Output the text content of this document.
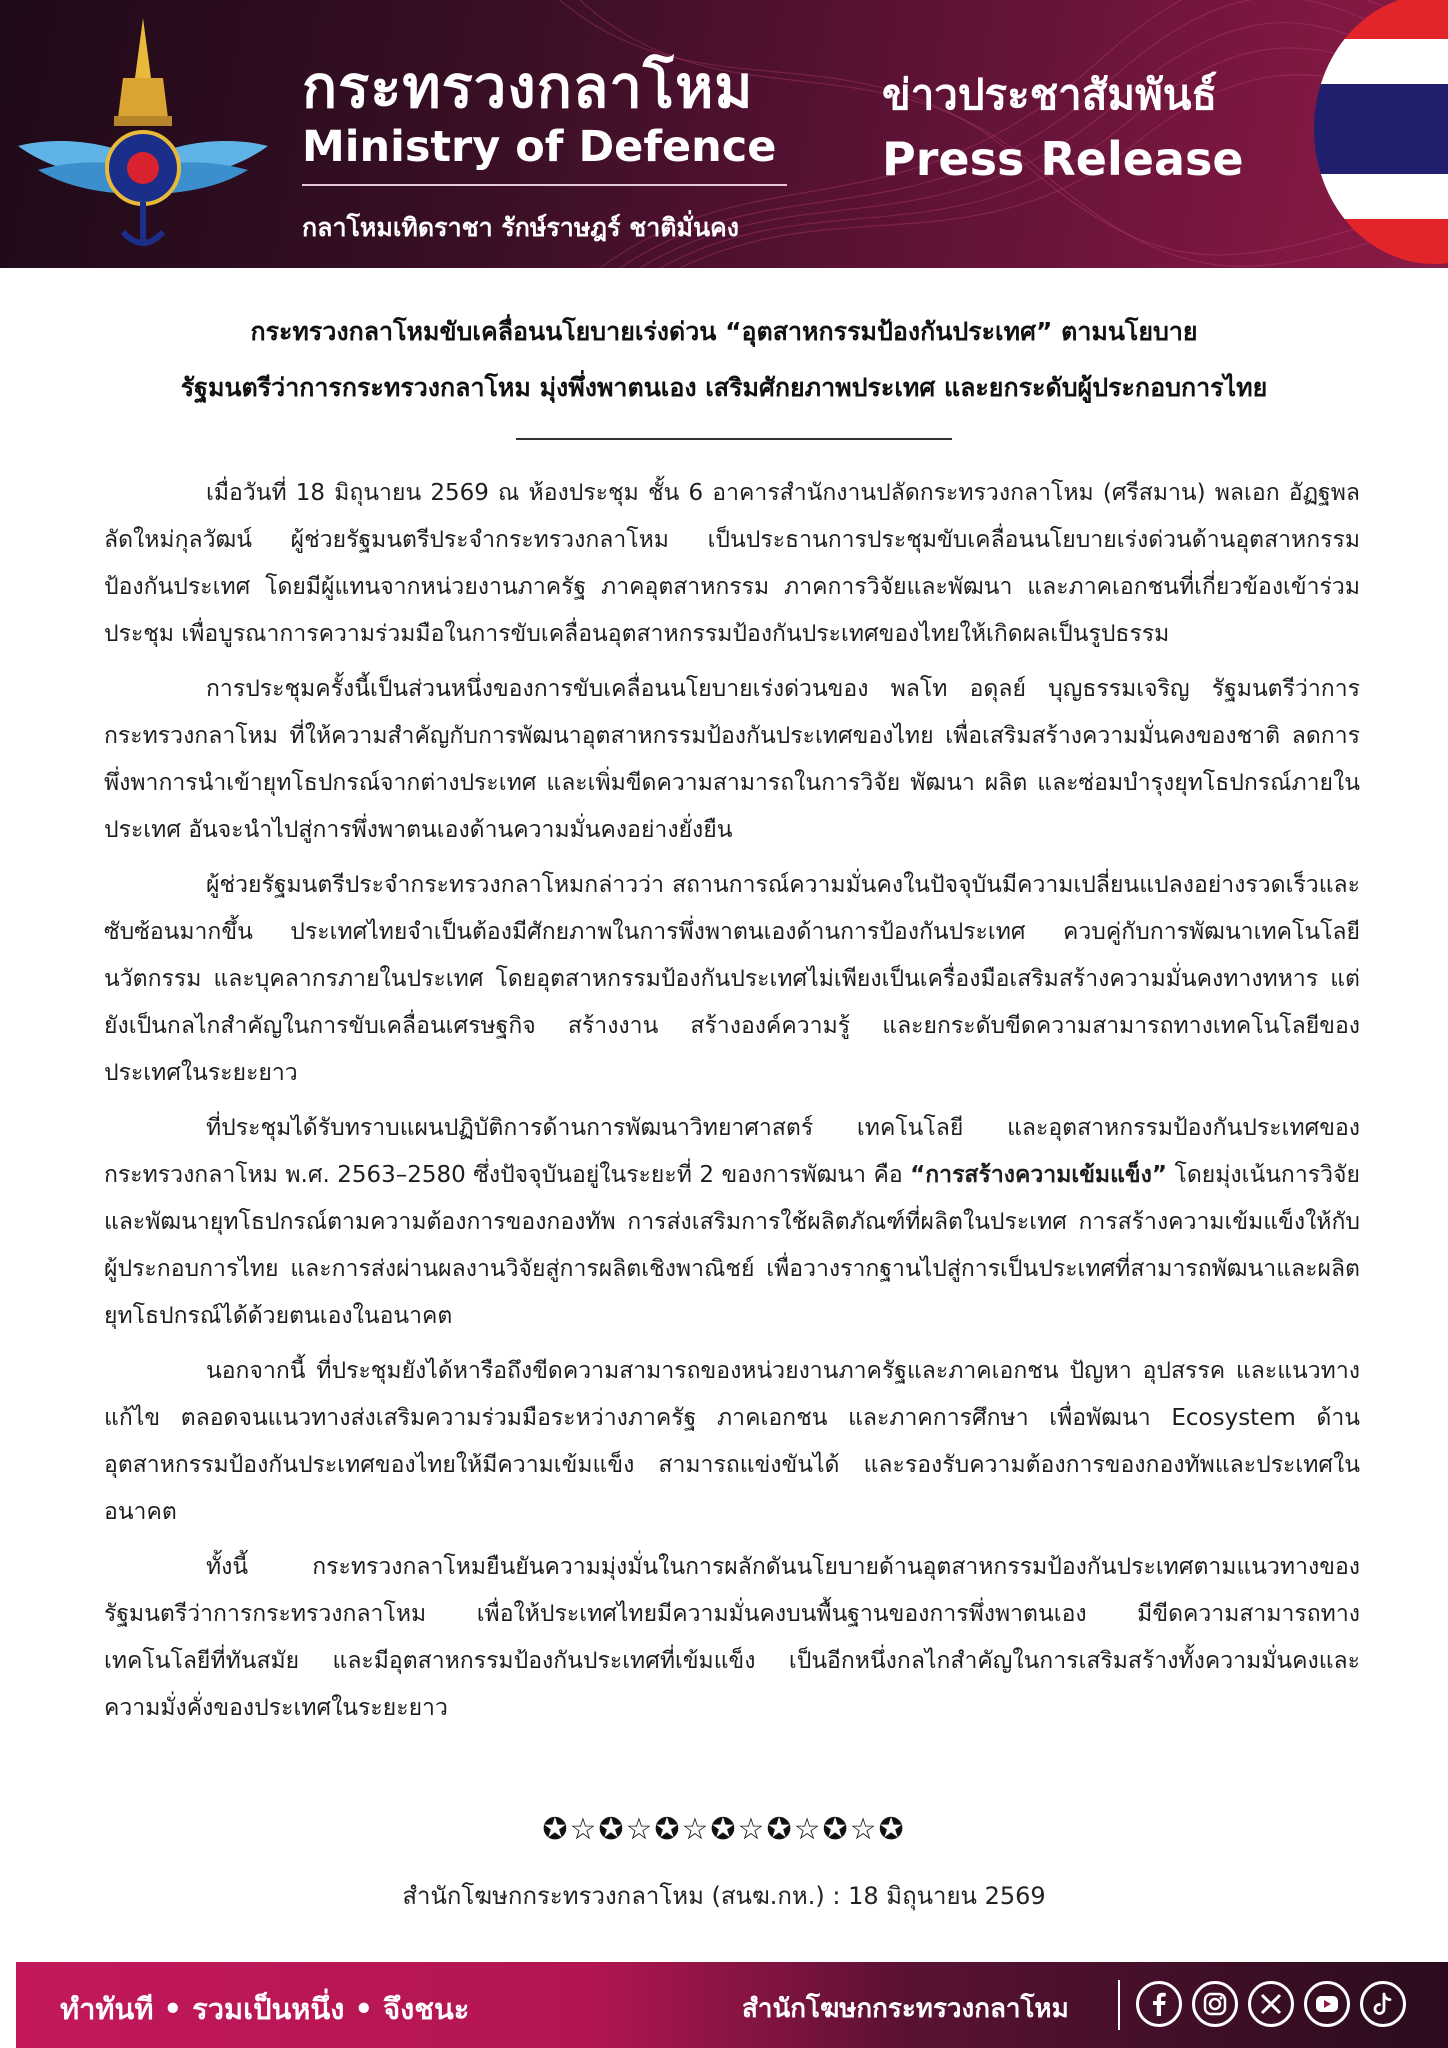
กระทรวงกลาโหม
Ministry of Defence
กลาโหมเทิดราชา รักษ์ราษฎร์ ชาติมั่นคง
ข่าวประชาสัมพันธ์
Press Release
กระทรวงกลาโหมขับเคลื่อนนโยบายเร่งด่วน “อุตสาหกรรมป้องกันประเทศ” ตามนโยบาย
รัฐมนตรีว่าการกระทรวงกลาโหม มุ่งพึ่งพาตนเอง เสริมศักยภาพประเทศ และยกระดับผู้ประกอบการไทย

เมื่อวันที่ 18 มิถุนายน 2569 ณ ห้องประชุม ชั้น 6 อาคารสำนักงานปลัดกระทรวงกลาโหม (ศรีสมาน) พลเอก อัฏฐพล ลัดใหม่กุลวัฒน์ ผู้ช่วยรัฐมนตรีประจำกระทรวงกลาโหม เป็นประธานการประชุมขับเคลื่อนนโยบายเร่งด่วนด้านอุตสาหกรรมป้องกันประเทศ โดยมีผู้แทนจากหน่วยงานภาครัฐ ภาคอุตสาหกรรม ภาคการวิจัยและพัฒนา และภาคเอกชนที่เกี่ยวข้องเข้าร่วมประชุม เพื่อบูรณาการความร่วมมือในการขับเคลื่อนอุตสาหกรรมป้องกันประเทศของไทยให้เกิดผลเป็นรูปธรรม

การประชุมครั้งนี้เป็นส่วนหนึ่งของการขับเคลื่อนนโยบายเร่งด่วนของ พลโท อดุลย์ บุญธรรมเจริญ รัฐมนตรีว่าการกระทรวงกลาโหม ที่ให้ความสำคัญกับการพัฒนาอุตสาหกรรมป้องกันประเทศของไทย เพื่อเสริมสร้างความมั่นคงของชาติ ลดการพึ่งพาการนำเข้ายุทโธปกรณ์จากต่างประเทศ และเพิ่มขีดความสามารถในการวิจัย พัฒนา ผลิต และซ่อมบำรุงยุทโธปกรณ์ภายในประเทศ อันจะนำไปสู่การพึ่งพาตนเองด้านความมั่นคงอย่างยั่งยืน

ผู้ช่วยรัฐมนตรีประจำกระทรวงกลาโหมกล่าวว่า สถานการณ์ความมั่นคงในปัจจุบันมีความเปลี่ยนแปลงอย่างรวดเร็วและซับซ้อนมากขึ้น ประเทศไทยจำเป็นต้องมีศักยภาพในการพึ่งพาตนเองด้านการป้องกันประเทศ ควบคู่กับการพัฒนาเทคโนโลยี นวัตกรรม และบุคลากรภายในประเทศ โดยอุตสาหกรรมป้องกันประเทศไม่เพียงเป็นเครื่องมือเสริมสร้างความมั่นคงทางทหาร แต่ยังเป็นกลไกสำคัญในการขับเคลื่อนเศรษฐกิจ สร้างงาน สร้างองค์ความรู้ และยกระดับขีดความสามารถทางเทคโนโลยีของประเทศในระยะยาว

ที่ประชุมได้รับทราบแผนปฏิบัติการด้านการพัฒนาวิทยาศาสตร์ เทคโนโลยี และอุตสาหกรรมป้องกันประเทศของกระทรวงกลาโหม พ.ศ. 2563–2580 ซึ่งปัจจุบันอยู่ในระยะที่ 2 ของการพัฒนา คือ “การสร้างความเข้มแข็ง” โดยมุ่งเน้นการวิจัยและพัฒนายุทโธปกรณ์ตามความต้องการของกองทัพ การส่งเสริมการใช้ผลิตภัณฑ์ที่ผลิตในประเทศ การสร้างความเข้มแข็งให้กับผู้ประกอบการไทย และการส่งผ่านผลงานวิจัยสู่การผลิตเชิงพาณิชย์ เพื่อวางรากฐานไปสู่การเป็นประเทศที่สามารถพัฒนาและผลิตยุทโธปกรณ์ได้ด้วยตนเองในอนาคต

นอกจากนี้ ที่ประชุมยังได้หารือถึงขีดความสามารถของหน่วยงานภาครัฐและภาคเอกชน ปัญหา อุปสรรค และแนวทางแก้ไข ตลอดจนแนวทางส่งเสริมความร่วมมือระหว่างภาครัฐ ภาคเอกชน และภาคการศึกษา เพื่อพัฒนา Ecosystem ด้านอุตสาหกรรมป้องกันประเทศของไทยให้มีความเข้มแข็ง สามารถแข่งขันได้ และรองรับความต้องการของกองทัพและประเทศในอนาคต

ทั้งนี้ กระทรวงกลาโหมยืนยันความมุ่งมั่นในการผลักดันนโยบายด้านอุตสาหกรรมป้องกันประเทศตามแนวทางของรัฐมนตรีว่าการกระทรวงกลาโหม เพื่อให้ประเทศไทยมีความมั่นคงบนพื้นฐานของการพึ่งพาตนเอง มีขีดความสามารถทางเทคโนโลยีที่ทันสมัย และมีอุตสาหกรรมป้องกันประเทศที่เข้มแข็ง เป็นอีกหนึ่งกลไกสำคัญในการเสริมสร้างทั้งความมั่นคงและความมั่งคั่งของประเทศในระยะยาว

✪☆✪☆✪☆✪☆✪☆✪☆✪
สำนักโฆษกกระทรวงกลาโหม (สนฆ.กห.) : 18 มิถุนายน 2569
ทำทันที • รวมเป็นหนึ่ง • จึงชนะ	สำนักโฆษกกระทรวงกลาโหม
